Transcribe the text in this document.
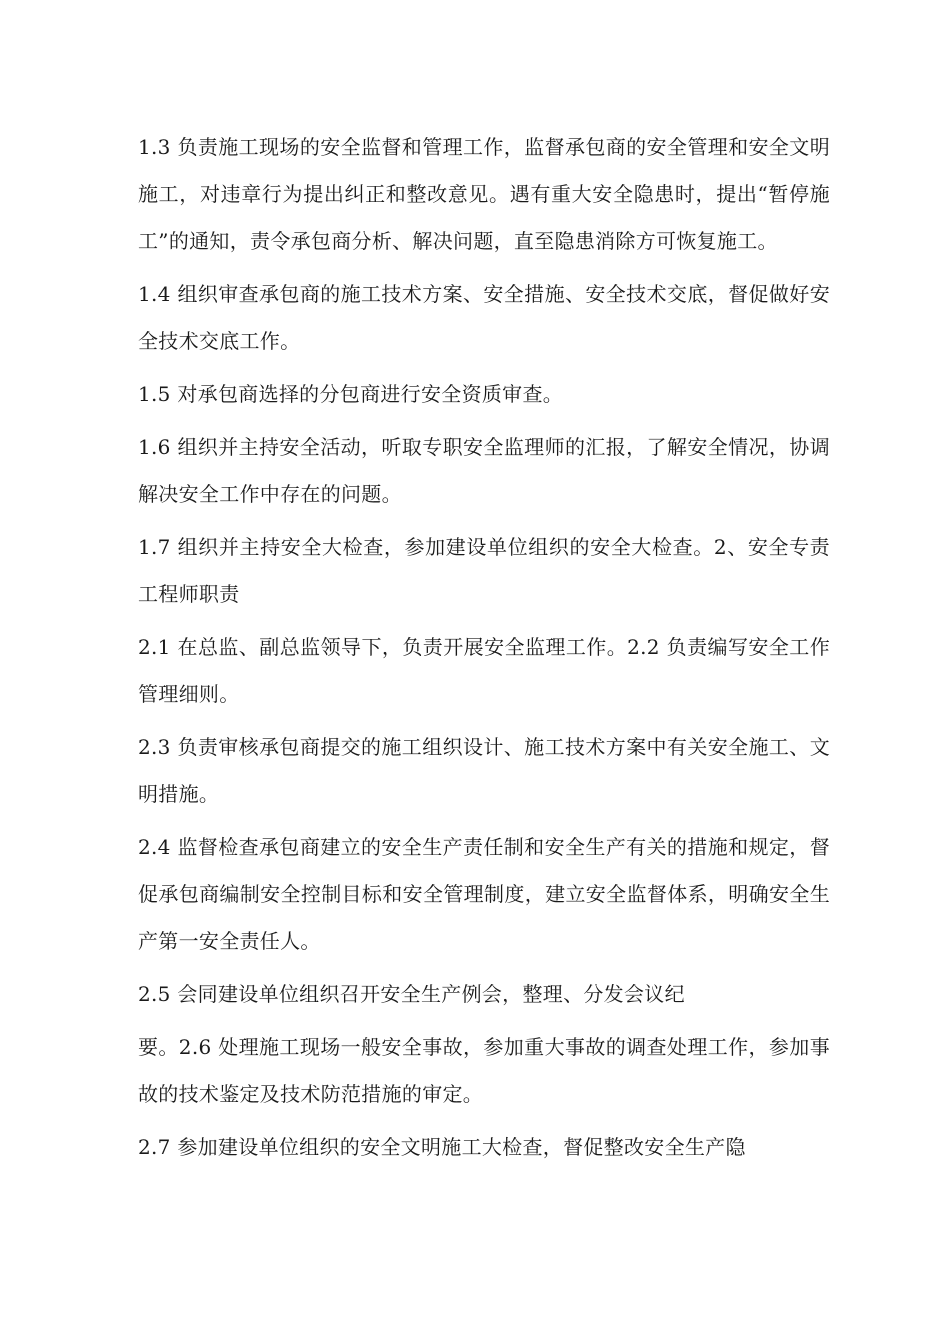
1.3 负责施工现场的安全监督和管理工作，监督承包商的安全管理和安全文明施工，对违章行为提出纠正和整改意见。遇有重大安全隐患时，提出“暂停施工”的通知，责令承包商分析、解决问题，直至隐患消除方可恢复施工。

1.4 组织审查承包商的施工技术方案、安全措施、安全技术交底，督促做好安全技术交底工作。

1.5 对承包商选择的分包商进行安全资质审查。

1.6 组织并主持安全活动，听取专职安全监理师的汇报，了解安全情况，协调解决安全工作中存在的问题。

1.7 组织并主持安全大检查，参加建设单位组织的安全大检查。2、安全专责工程师职责

2.1 在总监、副总监领导下，负责开展安全监理工作。2.2 负责编写安全工作管理细则。

2.3 负责审核承包商提交的施工组织设计、施工技术方案中有关安全施工、文明措施。

2.4 监督检查承包商建立的安全生产责任制和安全生产有关的措施和规定，督促承包商编制安全控制目标和安全管理制度，建立安全监督体系，明确安全生产第一安全责任人。

2.5 会同建设单位组织召开安全生产例会，整理、分发会议纪

要。2.6 处理施工现场一般安全事故，参加重大事故的调查处理工作，参加事故的技术鉴定及技术防范措施的审定。

2.7 参加建设单位组织的安全文明施工大检查，督促整改安全生产隐
